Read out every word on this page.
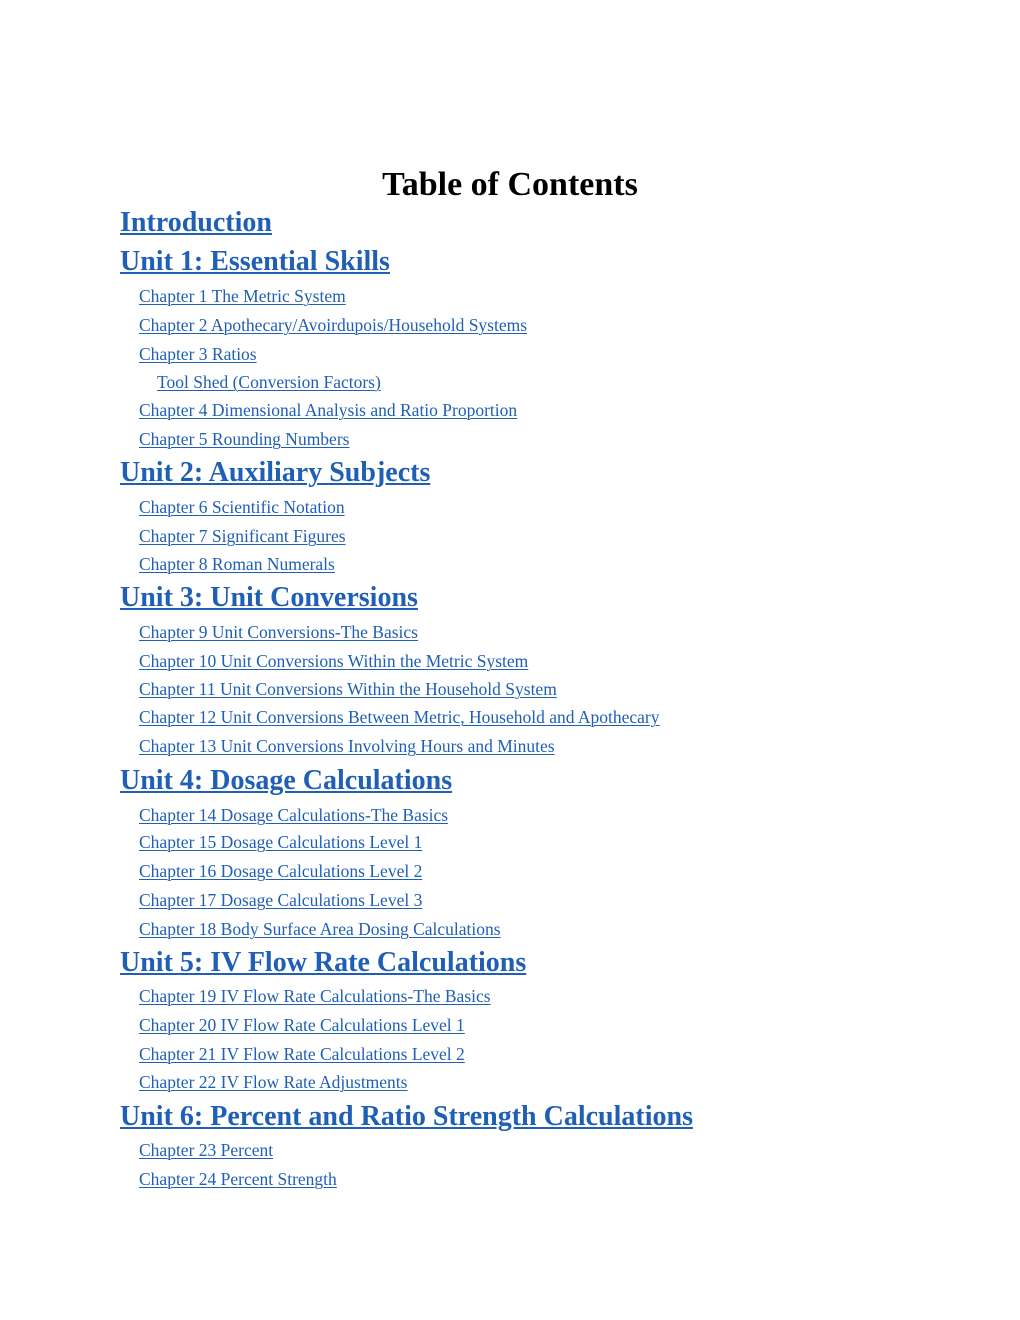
Table of Contents
Introduction
Unit 1: Essential Skills
Chapter 1 The Metric System
Chapter 2 Apothecary/Avoirdupois/Household Systems
Chapter 3 Ratios
Tool Shed (Conversion Factors)
Chapter 4 Dimensional Analysis and Ratio Proportion
Chapter 5 Rounding Numbers
Unit 2: Auxiliary Subjects
Chapter 6 Scientific Notation
Chapter 7 Significant Figures
Chapter 8 Roman Numerals
Unit 3: Unit Conversions
Chapter 9 Unit Conversions-The Basics
Chapter 10 Unit Conversions Within the Metric System
Chapter 11 Unit Conversions Within the Household System
Chapter 12 Unit Conversions Between Metric, Household and Apothecary
Chapter 13 Unit Conversions Involving Hours and Minutes
Unit 4: Dosage Calculations
Chapter 14 Dosage Calculations-The Basics
Chapter 15 Dosage Calculations Level 1
Chapter 16 Dosage Calculations Level 2
Chapter 17 Dosage Calculations Level 3
Chapter 18 Body Surface Area Dosing Calculations
Unit 5: IV Flow Rate Calculations
Chapter 19 IV Flow Rate Calculations-The Basics
Chapter 20 IV Flow Rate Calculations Level 1
Chapter 21 IV Flow Rate Calculations Level 2
Chapter 22 IV Flow Rate Adjustments
Unit 6: Percent and Ratio Strength Calculations
Chapter 23 Percent
Chapter 24 Percent Strength
